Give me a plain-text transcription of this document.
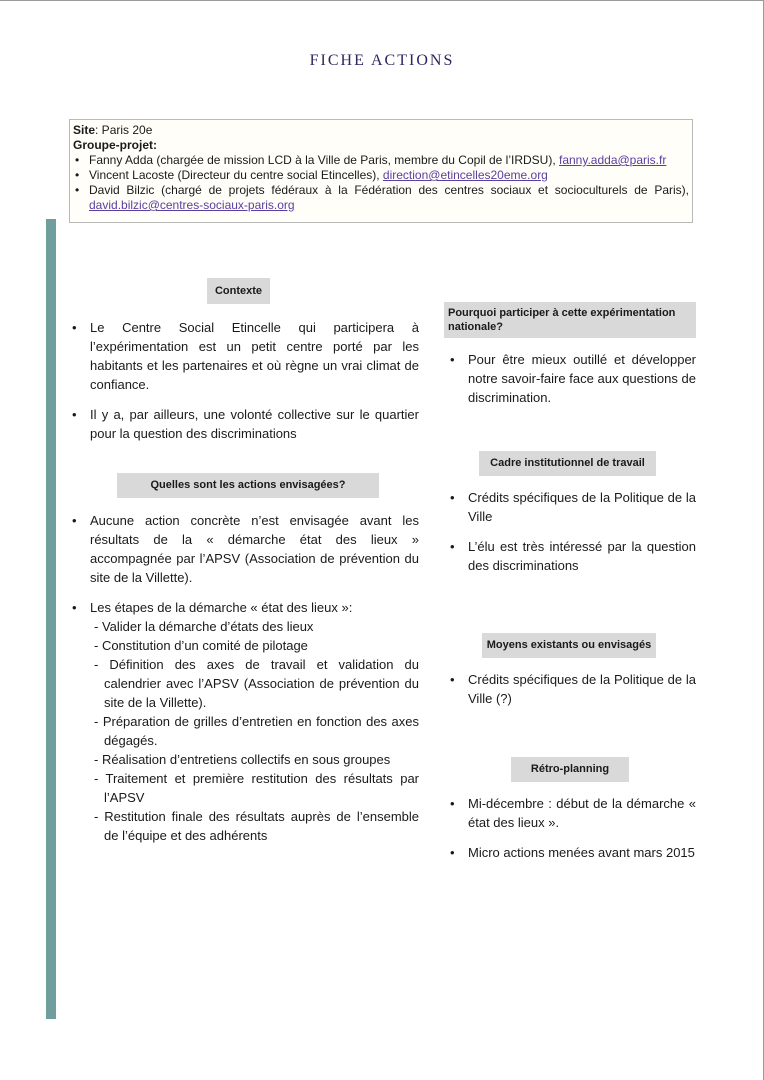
FICHE ACTIONS
Site: Paris 20e
Groupe-projet:
• Fanny Adda (chargée de mission LCD à la Ville de Paris, membre du Copil de l’IRDSU), fanny.adda@paris.fr
• Vincent Lacoste (Directeur du centre social Etincelles), direction@etincelles20eme.org
• David Bilzic (chargé de projets fédéraux à la Fédération des centres sociaux et socioculturels de Paris), david.bilzic@centres-sociaux-paris.org
Contexte
• Le Centre Social Etincelle qui participera à l’expérimentation est un petit centre porté par les habitants et les partenaires et où règne un vrai climat de confiance.
• Il y a, par ailleurs, une volonté collective sur le quartier pour la question des discriminations
Quelles sont les actions envisagées?
• Aucune action concrète n’est envisagée avant les résultats de la « démarche état des lieux » accompagnée par l’APSV (Association de prévention du site de la Villette).
• Les étapes de la démarche « état des lieux »:
- Valider la démarche d’états des lieux
- Constitution d’un comité de pilotage
- Définition des axes de travail et validation du calendrier avec l’APSV (Association de prévention du site de la Villette).
- Préparation de grilles d’entretien en fonction des axes dégagés.
- Réalisation d’entretiens collectifs en sous groupes
- Traitement et première restitution des résultats par l’APSV
- Restitution finale des résultats auprès de l’ensemble de l’équipe et des adhérents
Pourquoi participer à cette expérimentation nationale?
• Pour être mieux outillé et développer notre savoir-faire face aux questions de discrimination.
Cadre institutionnel de travail
• Crédits spécifiques de la Politique de la Ville
• L’élu est très intéressé par la question des discriminations
Moyens existants ou envisagés
• Crédits spécifiques de la Politique de la Ville (?)
Rétro-planning
• Mi-décembre : début de la démarche « état des lieux ».
• Micro actions menées avant mars 2015
